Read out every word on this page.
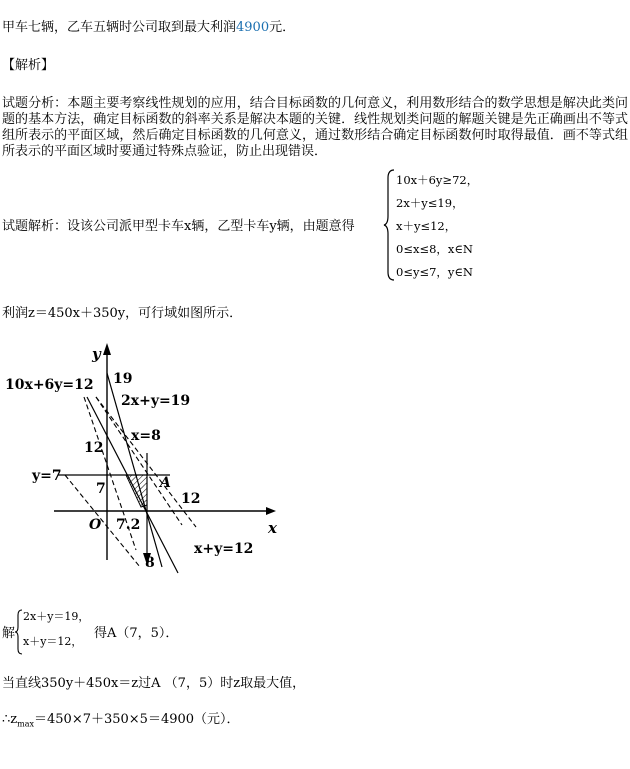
甲车七辆，乙车五辆时公司取到最大利润4900元．
【解析】
试题分析：本题主要考察线性规划的应用，结合目标函数的几何意义，利用数形结合的数学思想是解决此类问题的基本方法，确定目标函数的斜率关系是解决本题的关键．线性规划类问题的解题关键是先正确画出不等式组所表示的平面区域，然后确定目标函数的几何意义，通过数形结合确定目标函数何时取得最值．画不等式组所表示的平面区域时要通过特殊点验证，防止出现错误．
试题解析：设该公司派甲型卡车x辆，乙型卡车y辆，由题意得
10x＋6y≥72，
2x＋y≤19，
x＋y≤12，
0≤x≤8，x∈N
0≤y≤7，y∈N
利润z＝450x＋350y，可行域如图所示．
y
x
O
10x+6y=12 19
2x+y=19
x=8
12
y=7
7	A
12
7.2
8
x+y=12
解
2x＋y＝19，
x＋y＝12，
得A（7，5）．
当直线350y＋450x＝z过A （7，5）时z取最大值，
$\therefore z_{max}=450\times 7+350\times 5=4900$（元）．
